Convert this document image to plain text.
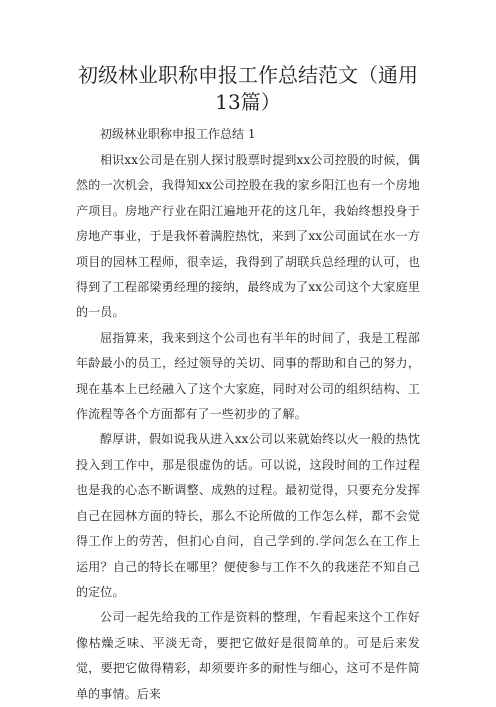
初级林业职称申报工作总结范文（通用13篇）

初级林业职称申报工作总结 1

相识xx公司是在别人探讨股票时提到xx公司控股的时候，偶然的一次机会，我得知xx公司控股在我的家乡阳江也有一个房地产项目。房地产行业在阳江遍地开花的这几年，我始终想投身于房地产事业，于是我怀着满腔热忱，来到了xx公司面试在水一方项目的园林工程师，很幸运，我得到了胡联兵总经理的认可，也得到了工程部梁勇经理的接纳，最终成为了xx公司这个大家庭里的一员。

屈指算来，我来到这个公司也有半年的时间了，我是工程部年龄最小的员工，经过领导的关切、同事的帮助和自己的努力，现在基本上已经融入了这个大家庭，同时对公司的组织结构、工作流程等各个方面都有了一些初步的了解。

醇厚讲，假如说我从进入xx公司以来就始终以火一般的热忱投入到工作中，那是很虚伪的话。可以说，这段时间的工作过程也是我的心态不断调整、成熟的过程。最初觉得，只要充分发挥自己在园林方面的特长，那么不论所做的工作怎么样，都不会觉得工作上的劳苦，但扪心自问，自己学到的.学问怎么在工作上运用？自己的特长在哪里？便使参与工作不久的我迷茫不知自己的定位。

公司一起先给我的工作是资料的整理，乍看起来这个工作好像枯燥乏味、平淡无奇，要把它做好是很简单的。可是后来发觉，要把它做得精彩，却须要许多的耐性与细心，这可不是件简单的事情。后来
